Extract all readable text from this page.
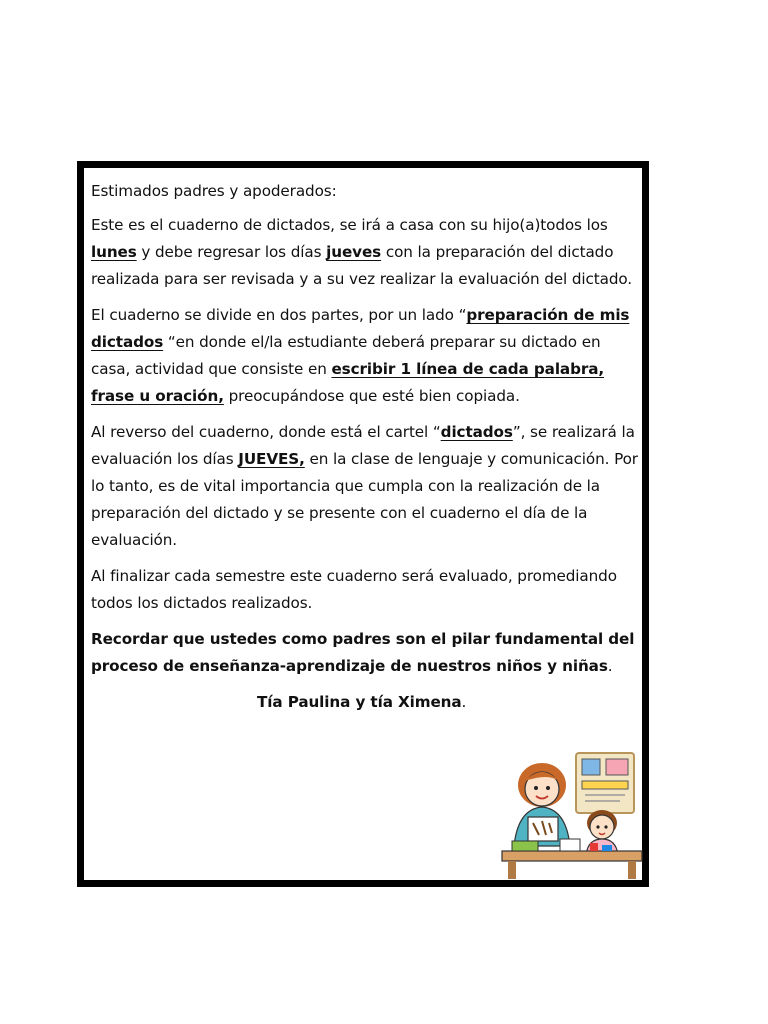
Estimados padres y apoderados:

Este es el cuaderno de dictados, se irá a casa con su hijo(a)todos los lunes y debe regresar los días jueves con la preparación del dictado realizada para ser revisada y a su vez realizar la evaluación del dictado.

El cuaderno se divide en dos partes, por un lado “preparación de mis dictados “en donde el/la estudiante deberá preparar su dictado en casa, actividad que consiste en escribir 1 línea de cada palabra, frase u oración, preocupándose que esté bien copiada.

Al reverso del cuaderno, donde está el cartel “dictados”, se realizará la evaluación los días JUEVES, en la clase de lenguaje y comunicación. Por lo tanto, es de vital importancia que cumpla con la realización de la preparación del dictado y se presente con el cuaderno el día de la evaluación.

Al finalizar cada semestre este cuaderno será evaluado, promediando todos los dictados realizados.

Recordar que ustedes como padres son el pilar fundamental del proceso de enseñanza-aprendizaje de nuestros niños y niñas.

Tía Paulina y tía Ximena.
